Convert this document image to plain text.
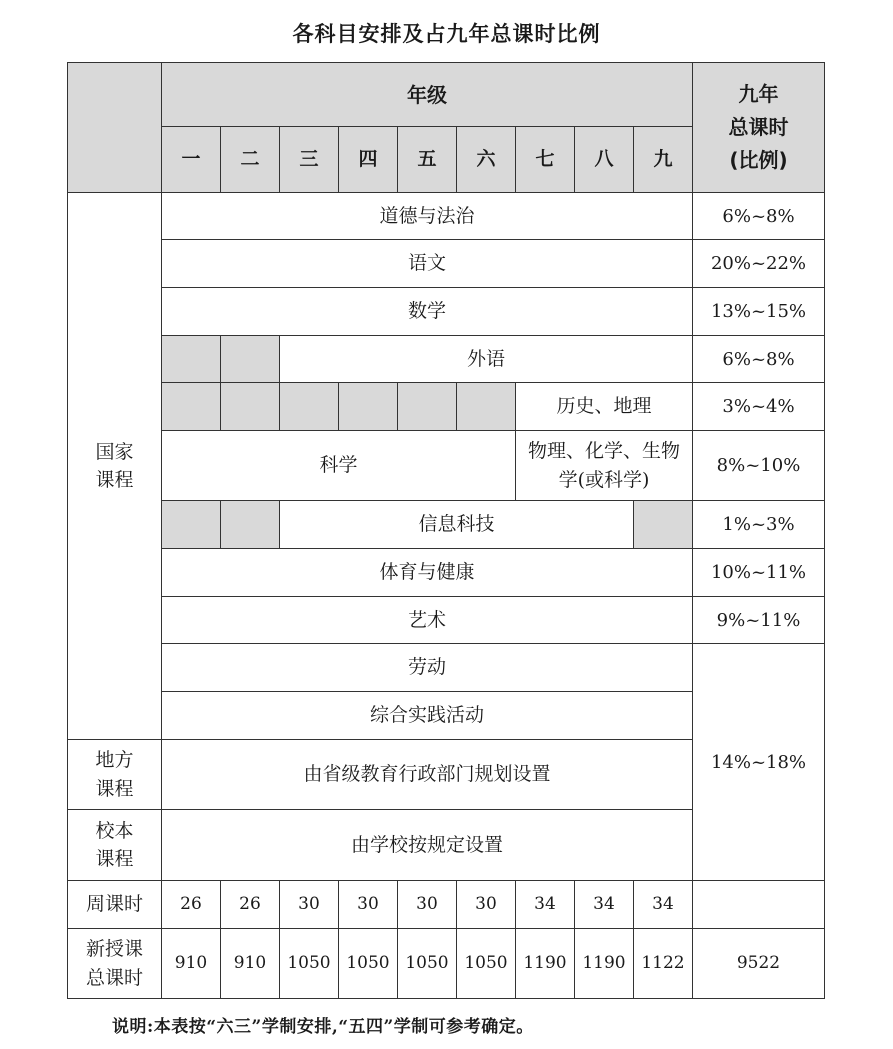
各科目安排及占九年总课时比例
	年级									九年
总课时
(比例)

	一	二	三	四	五	六	七	八	九	

国家
课程	道德与法治									6%~8%
	语文									20%~22%
	数学									13%~15%
			外语							6%~8%
							历史、地理			3%~4%
	科学						物理、化学、生物
学(或科学)			8%~10%
			信息科技							1%~3%
	体育与健康									10%~11%
	艺术									9%~11%
	劳动									14%~18%
	综合实践活动									

地方
课程	由省级教育行政部门规划设置									

校本
课程	由学校按规定设置									
周课时	26	26	30	30	30	30	34	34	34	

新授课
总课时	910	910	1050	1050	1050	1050	1190	1190	1122	9522
说明:本表按“六三”学制安排,“五四”学制可参考确定。
